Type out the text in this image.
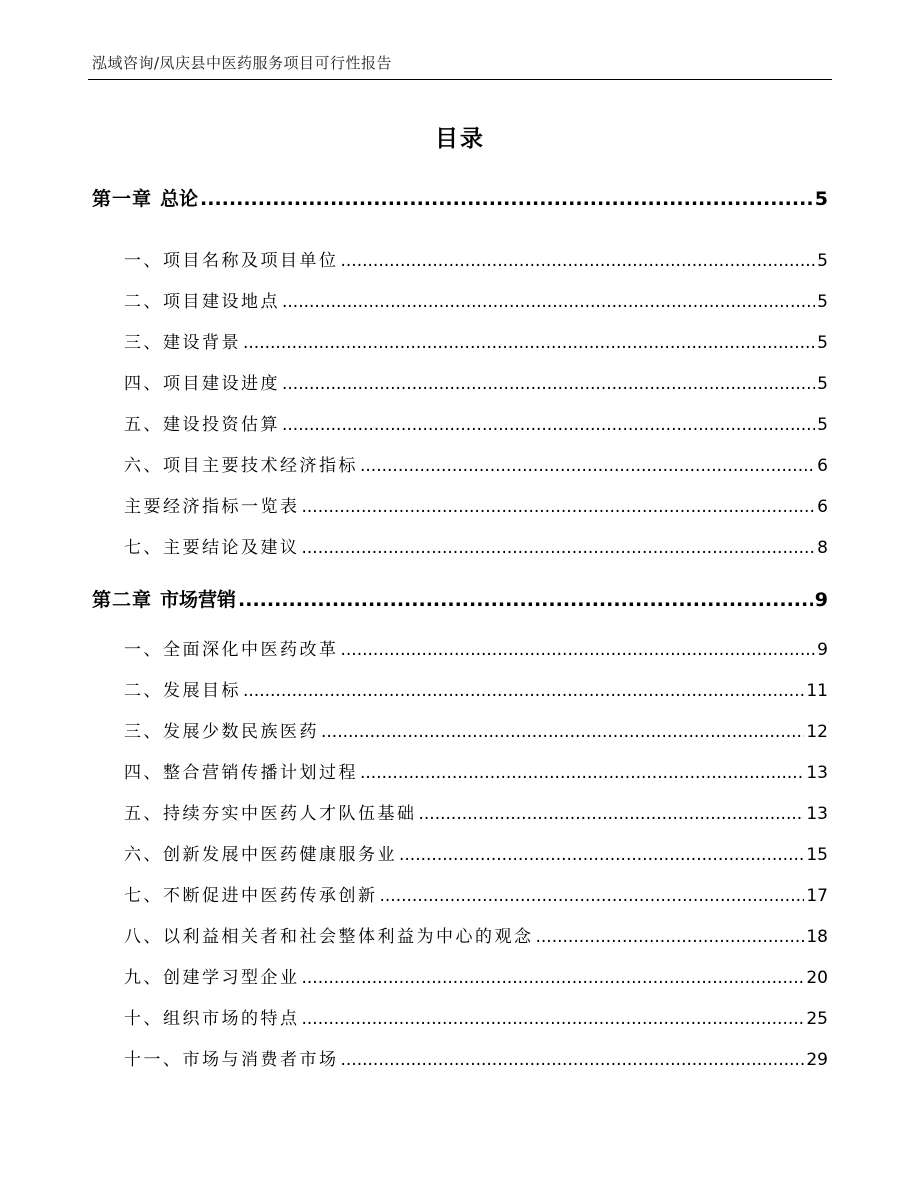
泓域咨询/凤庆县中医药服务项目可行性报告
目录
第一章 总论 .....	5
一、 项目名称及项目单位 .....	5
二、 项目建设地点 .....	5
三、 建设背景 .....	5
四、 项目建设进度 .....	5
五、 建设投资估算 .....	5
六、 项目主要技术经济指标 .....	6
主要经济指标一览表 .....	6
七、 主要结论及建议 .....	8
第二章 市场营销 .....	9
一、 全面深化中医药改革 .....	9
二、 发展目标 .....	11
三、 发展少数民族医药 .....	12
四、 整合营销传播计划过程 .....	13
五、 持续夯实中医药人才队伍基础 .....	13
六、 创新发展中医药健康服务业 .....	15
七、 不断促进中医药传承创新 .....	17
八、 以利益相关者和社会整体利益为中心的观念 .....	18
九、 创建学习型企业 .....	20
十、 组织市场的特点 .....	25
十一、 市场与消费者市场 .....	29
